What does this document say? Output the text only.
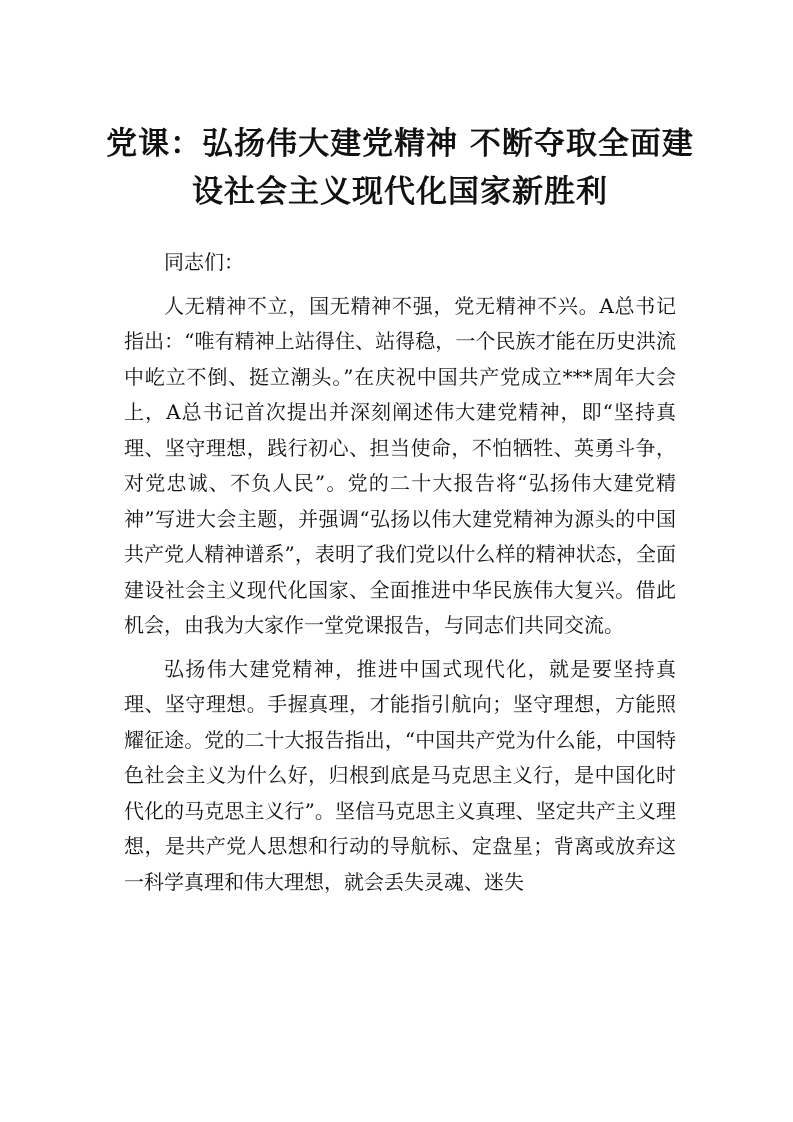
党课：弘扬伟大建党精神 不断夺取全面建
设社会主义现代化国家新胜利

同志们：

人无精神不立，国无精神不强，党无精神不兴。A总书记指出：“唯有精神上站得住、站得稳，一个民族才能在历史洪流中屹立不倒、挺立潮头。”在庆祝中国共产党成立***周年大会上，A总书记首次提出并深刻阐述伟大建党精神，即“坚持真理、坚守理想，践行初心、担当使命，不怕牺牲、英勇斗争，对党忠诚、不负人民”。党的二十大报告将“弘扬伟大建党精神”写进大会主题，并强调“弘扬以伟大建党精神为源头的中国共产党人精神谱系”，表明了我们党以什么样的精神状态，全面建设社会主义现代化国家、全面推进中华民族伟大复兴。借此机会，由我为大家作一堂党课报告，与同志们共同交流。

弘扬伟大建党精神，推进中国式现代化，就是要坚持真理、坚守理想。手握真理，才能指引航向；坚守理想，方能照耀征途。党的二十大报告指出，“中国共产党为什么能，中国特色社会主义为什么好，归根到底是马克思主义行，是中国化时代化的马克思主义行”。坚信马克思主义真理、坚定共产主义理想，是共产党人思想和行动的导航标、定盘星；背离或放弃这一科学真理和伟大理想，就会丢失灵魂、迷失
